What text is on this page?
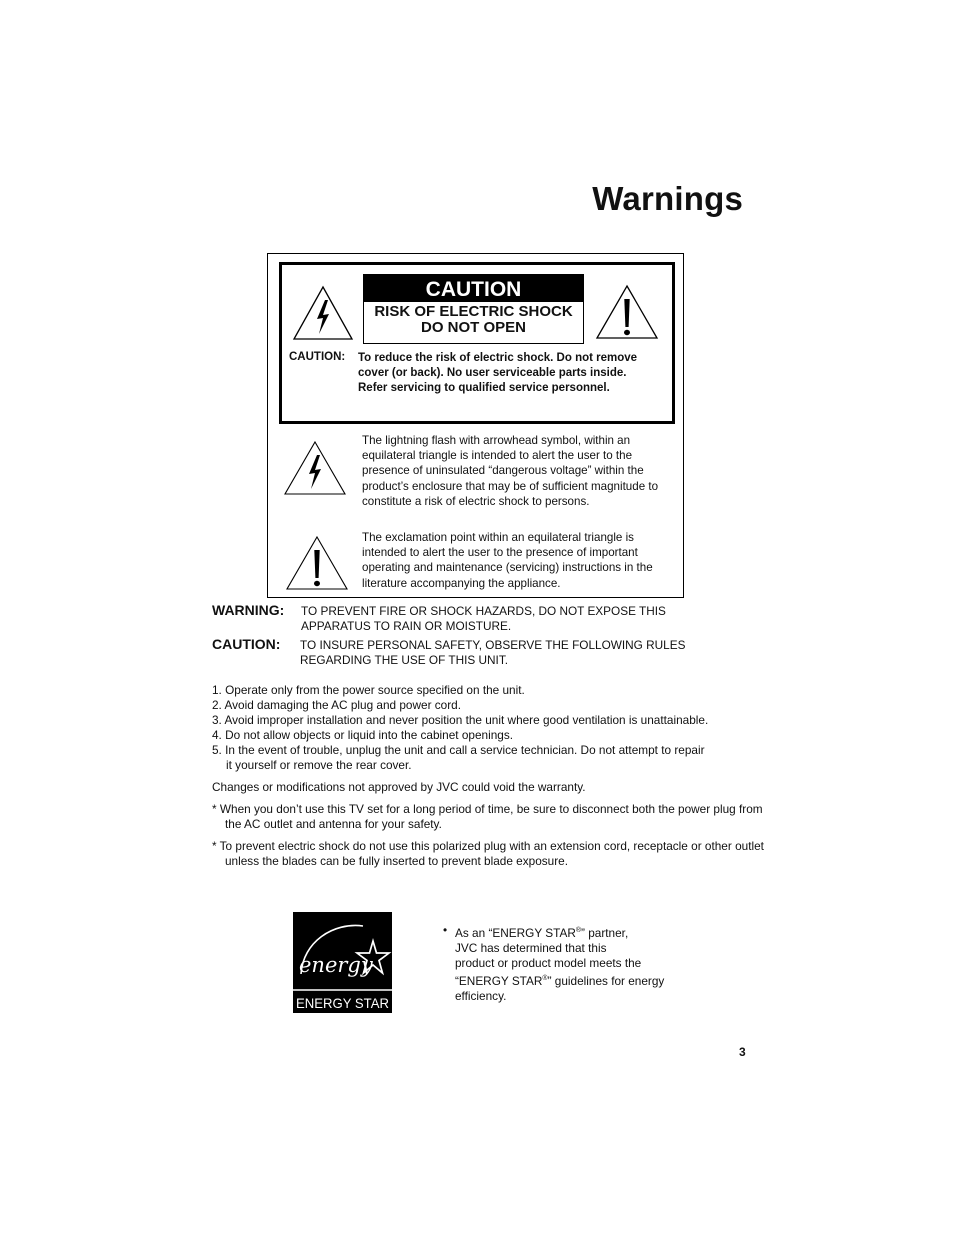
Warnings
CAUTION
RISK OF ELECTRIC SHOCK
DO NOT OPEN
CAUTION: To reduce the risk of electric shock. Do not remove cover (or back). No user serviceable parts inside. Refer servicing to qualified service personnel.
The lightning flash with arrowhead symbol, within an equilateral triangle is intended to alert the user to the presence of uninsulated “dangerous voltage” within the product’s enclosure that may be of sufficient magnitude to constitute a risk of electric shock to persons.
The exclamation point within an equilateral triangle is intended to alert the user to the presence of important operating and maintenance (servicing) instructions in the literature accompanying the appliance.
WARNING: TO PREVENT FIRE OR SHOCK HAZARDS, DO NOT EXPOSE THIS
APPARATUS TO RAIN OR MOISTURE.
CAUTION: TO INSURE PERSONAL SAFETY, OBSERVE THE FOLLOWING RULES
REGARDING THE USE OF THIS UNIT.
1. Operate only from the power source specified on the unit.
2. Avoid damaging the AC plug and power cord.
3. Avoid improper installation and never position the unit where good ventilation is unattainable.
4. Do not allow objects or liquid into the cabinet openings.
5. In the event of trouble, unplug the unit and call a service technician. Do not attempt to repair
it yourself or remove the rear cover.
Changes or modifications not approved by JVC could void the warranty.
* When you don’t use this TV set for a long period of time, be sure to disconnect both the power plug from the AC outlet and antenna for your safety.
* To prevent electric shock do not use this polarized plug with an extension cord, receptacle or other outlet unless the blades can be fully inserted to prevent blade exposure.
energy
ENERGY STAR
• As an “ENERGY STAR®” partner,
JVC has determined that this
product or product model meets the
“ENERGY STAR®” guidelines for energy
efficiency.
3
